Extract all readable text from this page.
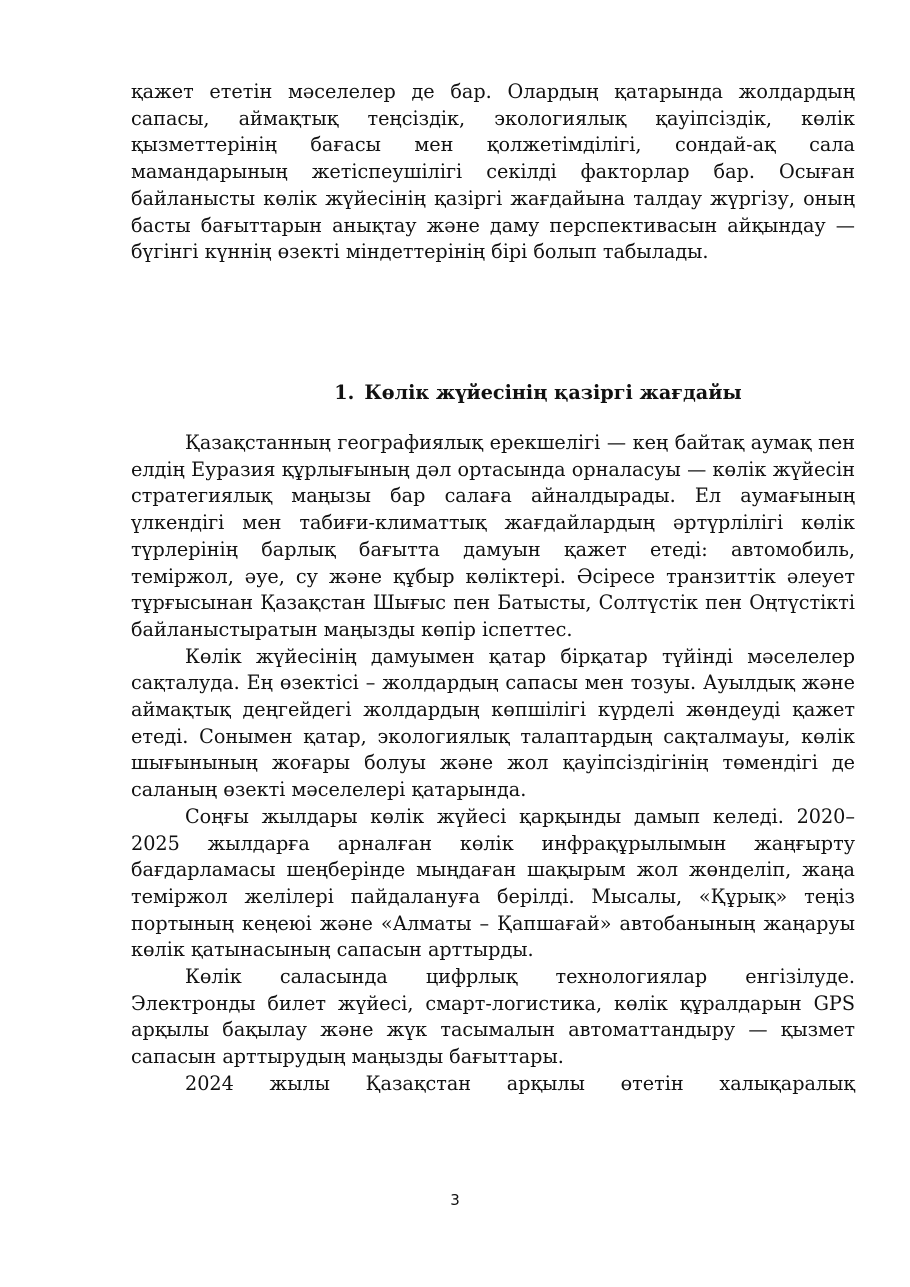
қажет ететін мәселелер де бар. Олардың қатарында жолдардың сапасы, аймақтық теңсіздік, экологиялық қауіпсіздік, көлік қызметтерінің бағасы мен қолжетімділігі, сондай-ақ сала мамандарының жетіспеушілігі секілді факторлар бар. Осыған байланысты көлік жүйесінің қазіргі жағдайына талдау жүргізу, оның басты бағыттарын анықтау және даму перспективасын айқындау — бүгінгі күннің өзекті міндеттерінің бірі болып табылады.

1. Көлік жүйесінің қазіргі жағдайы

Қазақстанның географиялық ерекшелігі — кең байтақ аумақ пен елдің Еуразия құрлығының дәл ортасында орналасуы — көлік жүйесін стратегиялық маңызы бар салаға айналдырады. Ел аумағының үлкендігі мен табиғи-климаттық жағдайлардың әртүрлілігі көлік түрлерінің барлық бағытта дамуын қажет етеді: автомобиль, теміржол, әуе, су және құбыр көліктері. Әсіресе транзиттік әлеует тұрғысынан Қазақстан Шығыс пен Батысты, Солтүстік пен Оңтүстікті байланыстыратын маңызды көпір іспеттес.

Көлік жүйесінің дамуымен қатар бірқатар түйінді мәселелер сақталуда. Ең өзектісі – жолдардың сапасы мен тозуы. Ауылдық және аймақтық деңгейдегі жолдардың көпшілігі күрделі жөндеуді қажет етеді. Сонымен қатар, экологиялық талаптардың сақталмауы, көлік шығынының жоғары болуы және жол қауіпсіздігінің төмендігі де саланың өзекті мәселелері қатарында.

Соңғы жылдары көлік жүйесі қарқынды дамып келеді. 2020–2025 жылдарға арналған көлік инфрақұрылымын жаңғырту бағдарламасы шеңберінде мыңдаған шақырым жол жөнделіп, жаңа теміржол желілері пайдалануға берілді. Мысалы, «Құрық» теңіз портының кеңеюі және «Алматы – Қапшағай» автобанының жаңаруы көлік қатынасының сапасын арттырды.

Көлік саласында цифрлық технологиялар енгізілуде. Электронды билет жүйесі, смарт-логистика, көлік құралдарын GPS арқылы бақылау және жүк тасымалын автоматтандыру — қызмет сапасын арттырудың маңызды бағыттары.

2024 жылы Қазақстан арқылы өтетін халықаралық

3
